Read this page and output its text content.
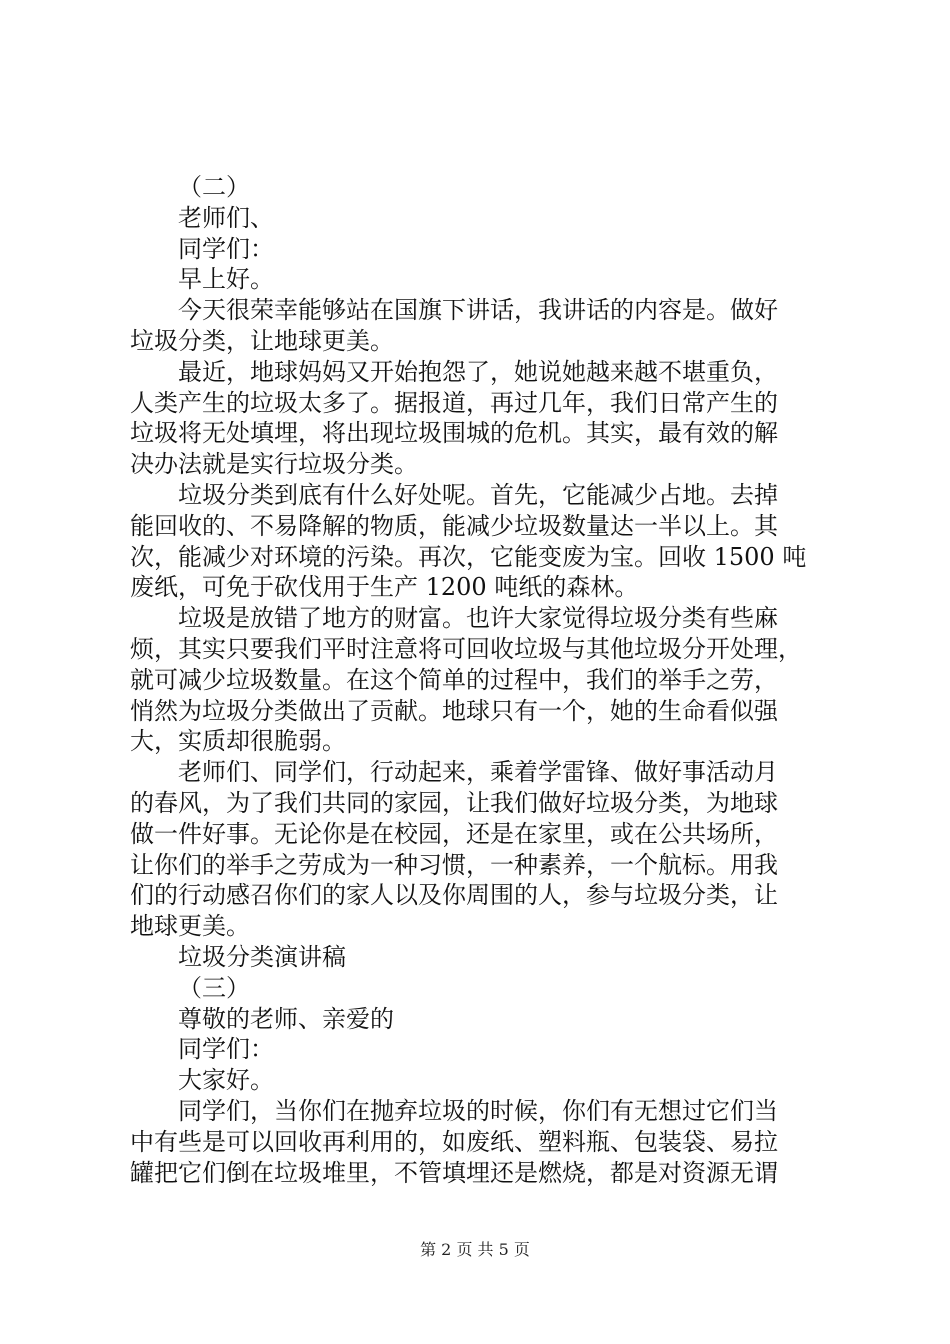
（二）

老师们、

同学们：

早上好。

今天很荣幸能够站在国旗下讲话，我讲话的内容是。做好

垃圾分类，让地球更美。

最近，地球妈妈又开始抱怨了，她说她越来越不堪重负，

人类产生的垃圾太多了。据报道，再过几年，我们日常产生的

垃圾将无处填埋，将出现垃圾围城的危机。其实，最有效的解

决办法就是实行垃圾分类。

垃圾分类到底有什么好处呢。首先，它能减少占地。去掉

能回收的、不易降解的物质，能减少垃圾数量达一半以上。其

次，能减少对环境的污染。再次，它能变废为宝。回收 1500 吨

废纸，可免于砍伐用于生产 1200 吨纸的森林。

垃圾是放错了地方的财富。也许大家觉得垃圾分类有些麻

烦，其实只要我们平时注意将可回收垃圾与其他垃圾分开处理，

就可减少垃圾数量。在这个简单的过程中，我们的举手之劳，

悄然为垃圾分类做出了贡献。地球只有一个，她的生命看似强

大，实质却很脆弱。

老师们、同学们，行动起来，乘着学雷锋、做好事活动月

的春风，为了我们共同的家园，让我们做好垃圾分类，为地球

做一件好事。无论你是在校园，还是在家里，或在公共场所，

让你们的举手之劳成为一种习惯，一种素养，一个航标。用我

们的行动感召你们的家人以及你周围的人，参与垃圾分类，让

地球更美。

垃圾分类演讲稿

（三）

尊敬的老师、亲爱的

同学们：

大家好。

同学们，当你们在抛弃垃圾的时候，你们有无想过它们当

中有些是可以回收再利用的，如废纸、塑料瓶、包装袋、易拉

罐把它们倒在垃圾堆里，不管填埋还是燃烧，都是对资源无谓

第 2 页 共 5 页
